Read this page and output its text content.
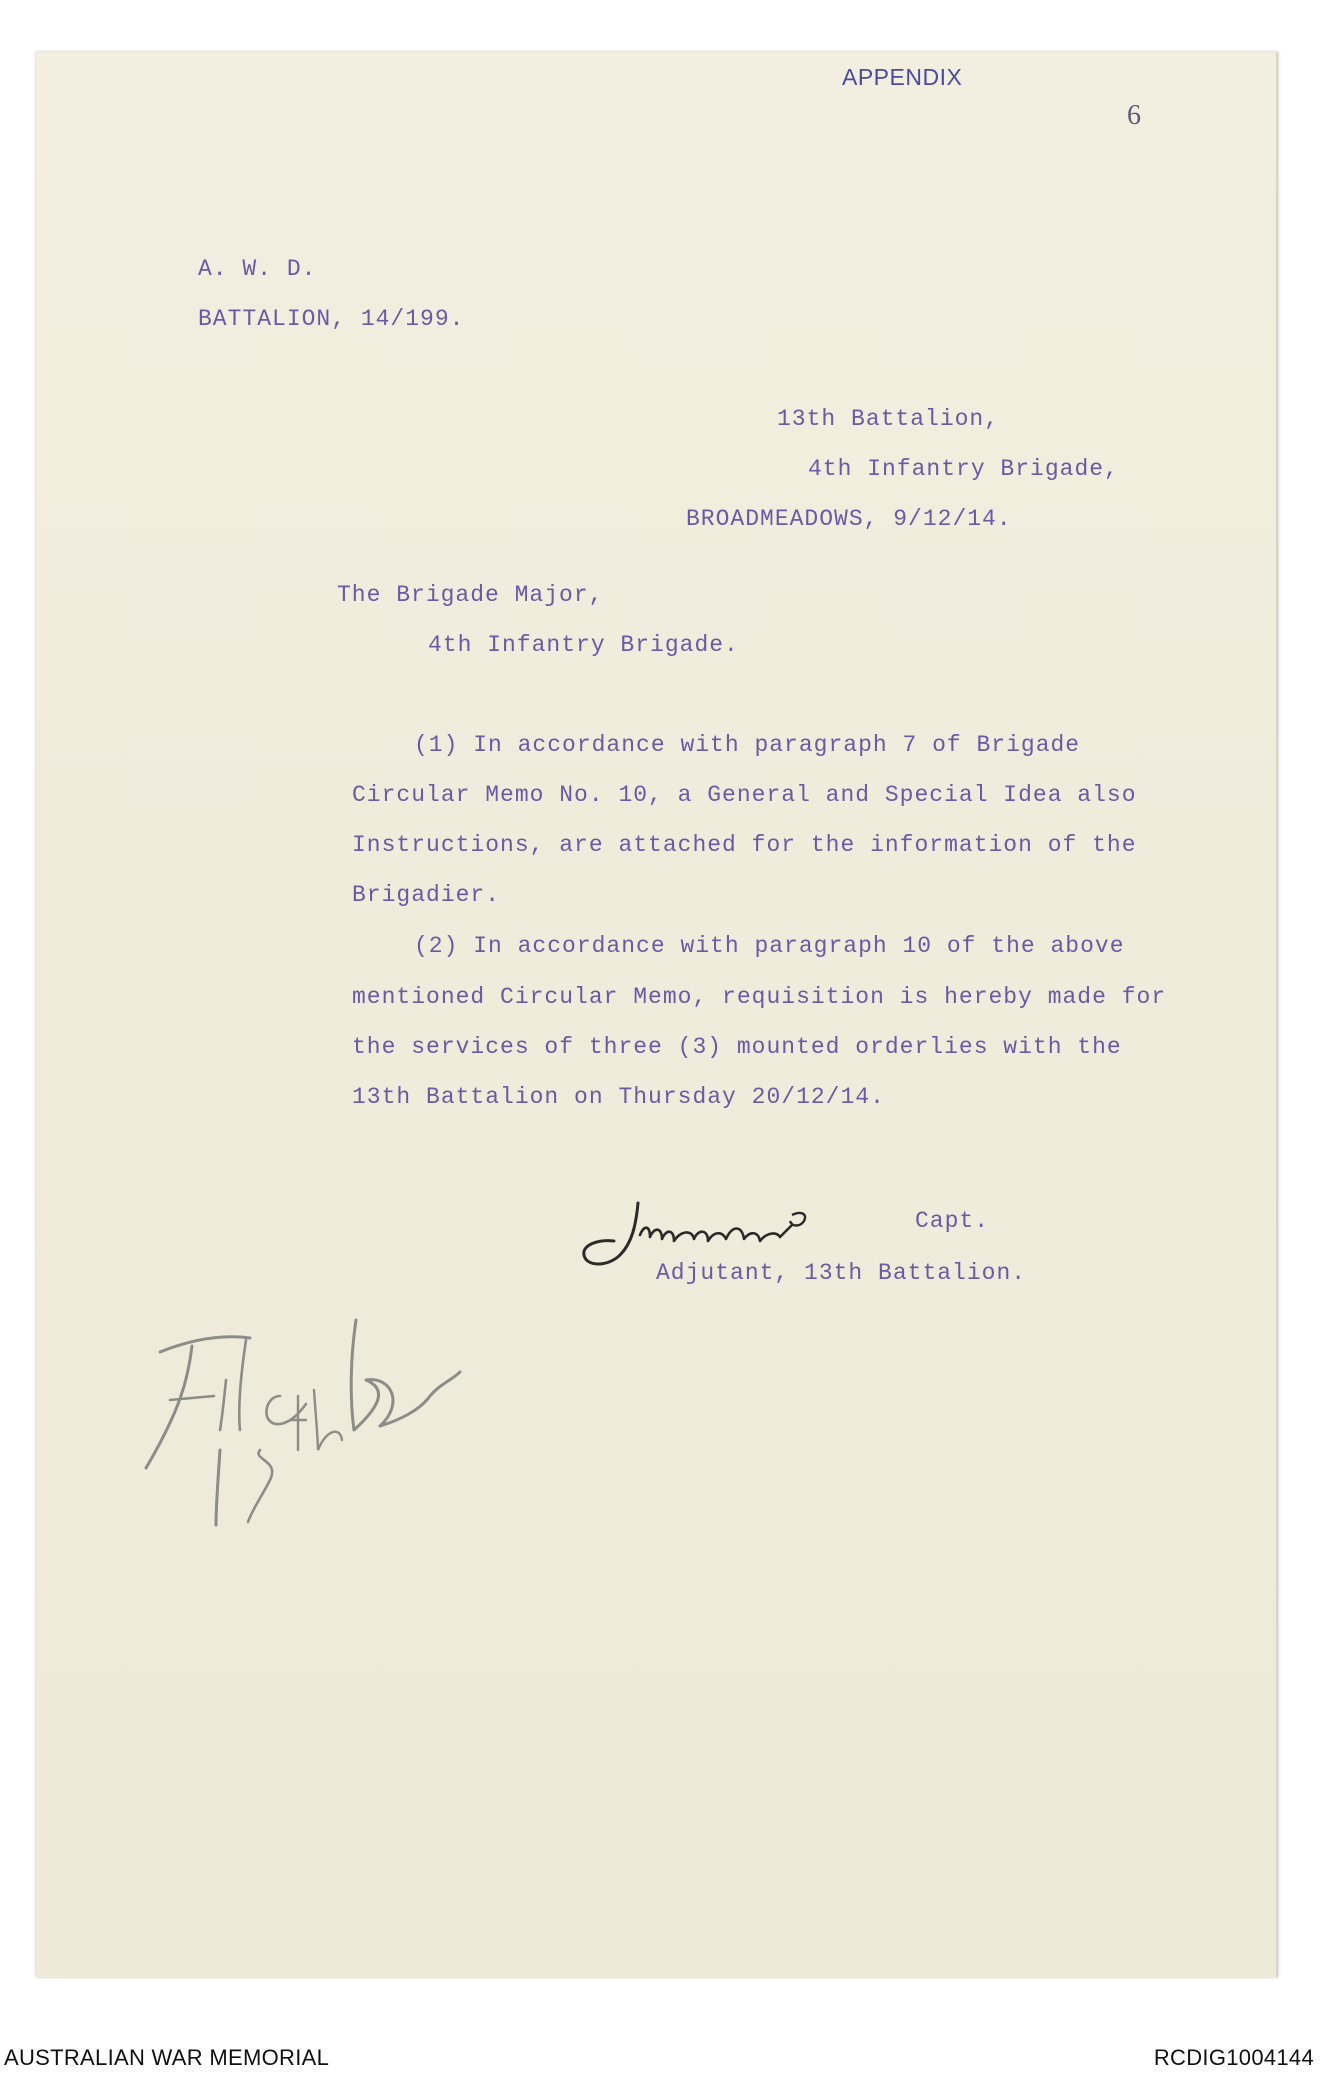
APPENDIX
6
A. W. D.
BATTALION, 14/199.
13th Battalion,
4th Infantry Brigade,
BROADMEADOWS, 9/12/14.
The Brigade Major,
4th Infantry Brigade.
(1) In accordance with paragraph 7 of Brigade
Circular Memo No. 10, a General and Special Idea also
Instructions, are attached for the information of the
Brigadier.
(2) In accordance with paragraph 10 of the above
mentioned Circular Memo, requisition is hereby made for
the services of three (3) mounted orderlies with the
13th Battalion on Thursday 20/12/14.
Capt.
Adjutant, 13th Battalion.
AUSTRALIAN WAR MEMORIAL	RCDIG1004144
